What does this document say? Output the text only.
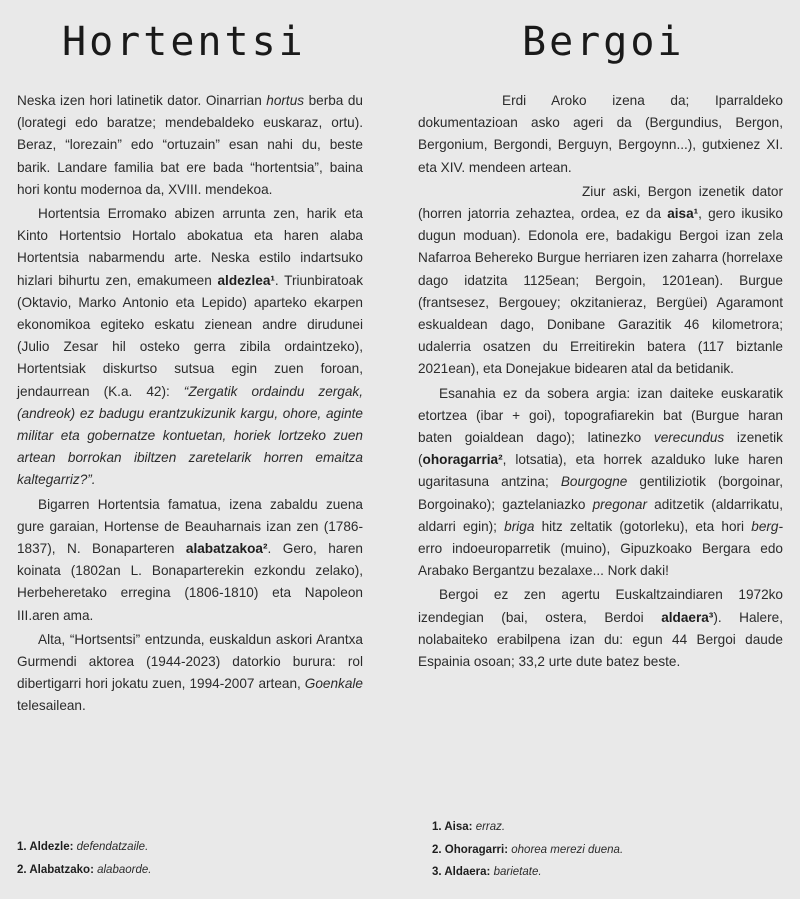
Hortentsi

Neska izen hori latinetik dator. Oinarrian hortus berba du (lorategi edo baratze; mendebaldeko euskaraz, ortu). Beraz, “lorezain” edo “ortuzain” esan nahi du, beste barik. Landare familia bat ere bada “hortentsia”, baina hori kontu modernoa da, XVIII. mendekoa.

Hortentsia Erromako abizen arrunta zen, harik eta Kinto Hortentsio Hortalo abokatua eta haren alaba Hortentsia nabarmendu arte. Neska estilo indartsuko hizlari bihurtu zen, emakumeen aldezlea¹. Triunbiratoak (Oktavio, Marko Antonio eta Lepido) aparteko ekarpen ekonomikoa egiteko eskatu zienean andre dirudunei (Julio Zesar hil osteko gerra zibila ordaintzeko), Hortentsiak diskurtso sutsua egin zuen foroan, jendaurrean (K.a. 42): “Zergatik ordaindu zergak, (andreok) ez badugu erantzukizunik kargu, ohore, aginte militar eta gobernatze kontuetan, horiek lortzeko zuen artean borrokan ibiltzen zaretelarik horren emaitza kaltegarriz?”.

Bigarren Hortentsia famatua, izena zabaldu zuena gure garaian, Hortense de Beauharnais izan zen (1786-1837), N. Bonaparteren alabatzakoa². Gero, haren koinata (1802an L. Bonaparterekin ezkondu zelako), Herbeheretako erregina (1806-1810) eta Napoleon III.aren ama.

Alta, “Hortsentsi” entzunda, euskaldun askori Arantxa Gurmendi aktorea (1944-2023) datorkio burura: rol dibertigarri hori jokatu zuen, 1994-2007 artean, Goenkale telesailean.

1. Aldezle: defendatzaile.
2. Alabatzako: alabaorde.
Bergoi

Erdi Aroko izena da; Iparraldeko dokumentazioan asko ageri da (Bergundius, Bergon, Bergonium, Bergondi, Berguyn, Bergoynn...), gutxienez XI. eta XIV. mendeen artean.

Ziur aski, Bergon izenetik dator (horren jatorria zehaztea, ordea, ez da aisa¹, gero ikusiko dugun moduan). Edonola ere, badakigu Bergoi izan zela Nafarroa Behereko Burgue herriaren izen zaharra (horrelaxe dago idatzita 1125ean; Bergoin, 1201ean). Burgue (frantsesez, Bergouey; okzitanieraz, Bergüei) Agaramont eskualdean dago, Donibane Garazitik 46 kilometrora; udalerria osatzen du Erreitirekin batera (117 biztanle 2021ean), eta Donejakue bidearen atal da betidanik.

Esanahia ez da sobera argia: izan daiteke euskaratik etortzea (ibar + goi), topografiarekin bat (Burgue haran baten goialdean dago); latinezko verecundus izenetik (ohoragarria², lotsatia), eta horrek azalduko luke haren ugaritasuna antzina; Bourgogne gentiliziotik (borgoinar, Borgoinako); gaztelaniazko pregonar aditzetik (aldarrikatu, aldarri egin); briga hitz zeltatik (gotorleku), eta hori berg- erro indoeuroparretik (muino), Gipuzkoako Bergara edo Arabako Bergantzu bezalaxe... Nork daki!

Bergoi ez zen agertu Euskaltzaindiaren 1972ko izendegian (bai, ostera, Berdoi aldaera³). Halere, nolabaiteko erabilpena izan du: egun 44 Bergoi daude Espainia osoan; 33,2 urte dute batez beste.

1. Aisa: erraz.
2. Ohoragarri: ohorea merezi duena.
3. Aldaera: barietate.
